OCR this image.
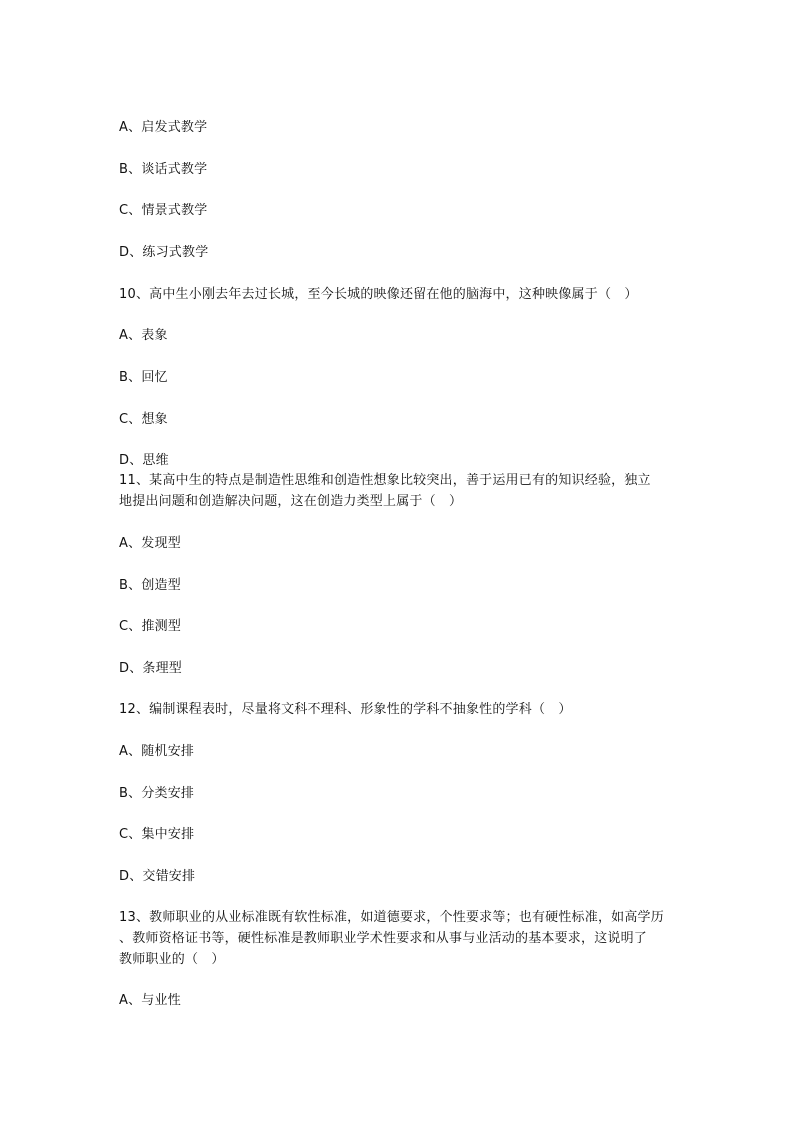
A、启发式教学
B、谈话式教学
C、情景式教学
D、练习式教学
10、高中生小刚去年去过长城，至今长城的映像还留在他的脑海中，这种映像属于（　）
A、表象
B、回忆
C、想象
D、思维
11、某高中生的特点是制造性思维和创造性想象比较突出，善于运用已有的知识经验，独立
地提出问题和创造解决问题，这在创造力类型上属于（　）
A、发现型
B、创造型
C、推测型
D、条理型
12、编制课程表时，尽量将文科不理科、形象性的学科不抽象性的学科（　）
A、随机安排
B、分类安排
C、集中安排
D、交错安排
13、教师职业的从业标准既有软性标准，如道德要求，个性要求等；也有硬性标准，如高学历
、教师资格证书等，硬性标准是教师职业学术性要求和从事与业活动的基本要求，这说明了
教师职业的（　）
A、与业性
